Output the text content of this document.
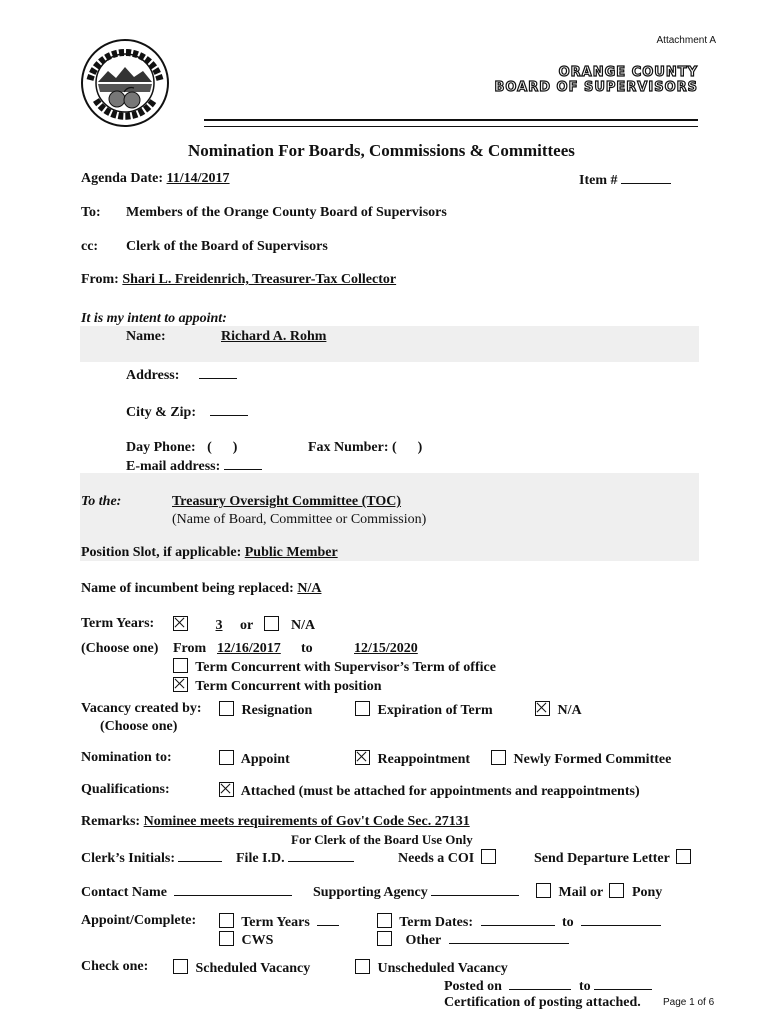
Attachment A
ORANGE COUNTY
BOARD OF SUPERVISORS
Nomination For Boards, Commissions & Committees
Agenda Date: 11/14/2017	Item #
To: Members of the Orange County Board of Supervisors
cc: Clerk of the Board of Supervisors
From: Shari L. Freidenrich, Treasurer-Tax Collector
It is my intent to appoint:
Name:	Richard A. Rohm
Address:
City & Zip:
Day Phone: (      )	Fax Number: (      )
E-mail address:
To the:	Treasury Oversight Committee (TOC)
(Name of Board, Committee or Commission)
Position Slot, if applicable: Public Member
Name of incumbent being replaced: N/A
Term Years:	3 or	N/A
(Choose one) From 12/16/2017 to	12/15/2020
Term Concurrent with Supervisor’s Term of office
Term Concurrent with position
Vacancy created by:
(Choose one)
Resignation	Expiration of Term	N/A
Nomination to:	Appoint	Reappointment	Newly Formed Committee
Qualifications:	Attached (must be attached for appointments and reappointments)
Remarks: Nominee meets requirements of Gov't Code Sec. 27131
For Clerk of the Board Use Only
Clerk’s Initials:	File I.D.	Needs a COI	Send Departure Letter
Contact Name	Supporting Agency	Mail or Pony
Appoint/Complete:	Term Years	Term Dates:	to
CWS	Other
Check one:	Scheduled Vacancy	Unscheduled Vacancy
Posted on	to
Certification of posting attached. Page 1 of 6
